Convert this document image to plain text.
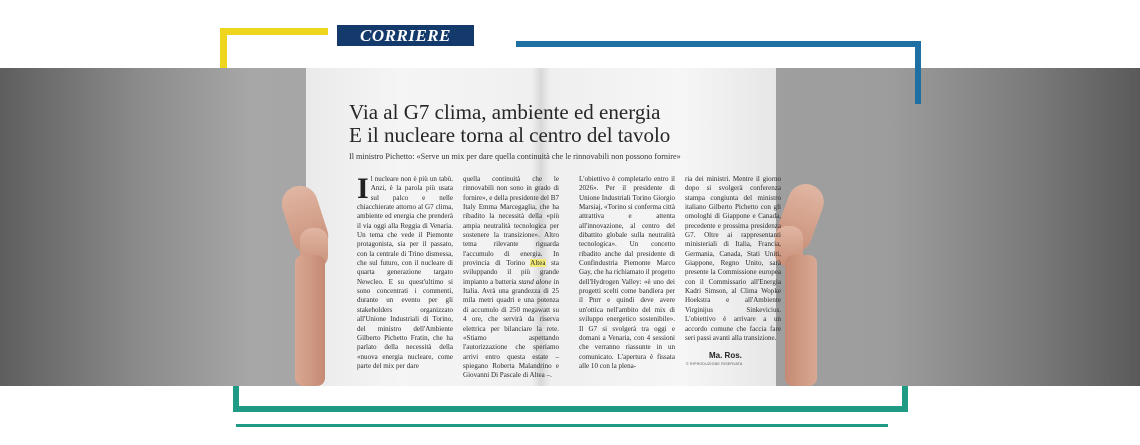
CORRIERE TORINO
Via al G7 clima, ambiente ed energia
E il nucleare torna al centro del tavolo
Il ministro Pichetto: «Serve un mix per dare quella continuità che le rinnovabili non possono fornire»
I l nucleare non è più un tabù. Anzi, è la parola più usata sul palco e nelle chiacchierate attorno al G7 clima, ambiente ed energia che prenderà il via oggi alla Reggia di Venaria. Un tema che vede il Piemonte protagonista, sia per il passato, con la centrale di Trino dismessa, che sul futuro, con il nucleare di quarta generazione targato Newcleo. E su quest'ultimo si sono concentrati i commenti, durante un evento per gli stakeholders organizzato all'Unione Industriali di Torino, del ministro dell'Ambiente Gilberto Pichetto Fratin, che ha parlato della necessità della «nuova energia nucleare, come parte del mix per dare

quella continuità che le rinnovabili non sono in grado di fornire», e della presidente del B7 Italy Emma Marcegaglia, che ha ribadito la necessità della «più ampia neutralità tecnologica per sostenere la transizione». Altro tema rilevante riguarda l'accumulo di energia. In provincia di Torino Altea sta sviluppando il più grande impianto a batteria stand alone in Italia. Avrà una grandezza di 25 mila metri quadri e una potenza di accumulo di 250 megawatt su 4 ore, che servirà da riserva elettrica per bilanciare la rete. «Stiamo aspettando l'autorizzazione che speriamo arrivi entro questa estate – spiegano Roberta Malandrino e Giovanni Di Pascale di Altea –.

L'obiettivo è completarlo entro il 2026». Per il presidente di Unione Industriali Torino Giorgio Marsiaj, «Torino si conferma città attrattiva e attenta all'innovazione, al centro del dibattito globale sulla neutralità tecnologica». Un concetto ribadito anche dal presidente di Confindustria Piemonte Marco Gay, che ha richiamato il progetto dell'Hydrogen Valley: «è uno dei progetti scelti come bandiera per il Pnrr e quindi deve avere un'ottica nell'ambito del mix di sviluppo energetico sostenibile». Il G7 si svolgerà tra oggi e domani a Venaria, con 4 sessioni che verranno riassunte in un comunicato. L'apertura è fissata alle 10 con la plena-

ria dei ministri. Mentre il giorno dopo si svolgerà conferenza stampa congiunta del ministro italiano Gilberto Pichetto con gli omologhi di Giappone e Canada, precedente e prossima presidenza G7. Oltre ai rappresentanti ministeriali di Italia, Francia, Germania, Canada, Stati Uniti, Giappone, Regno Unito, sarà presente la Commissione europea con il Commissario all'Energia Kadri Simson, al Clima Wopke Hoekstra e all'Ambiente Virginijus Sinkevicius. L'obiettivo è arrivare a un accordo comune che faccia fare seri passi avanti alla transizione.

Ma. Ros.
© RIPRODUZIONE RISERVATA
